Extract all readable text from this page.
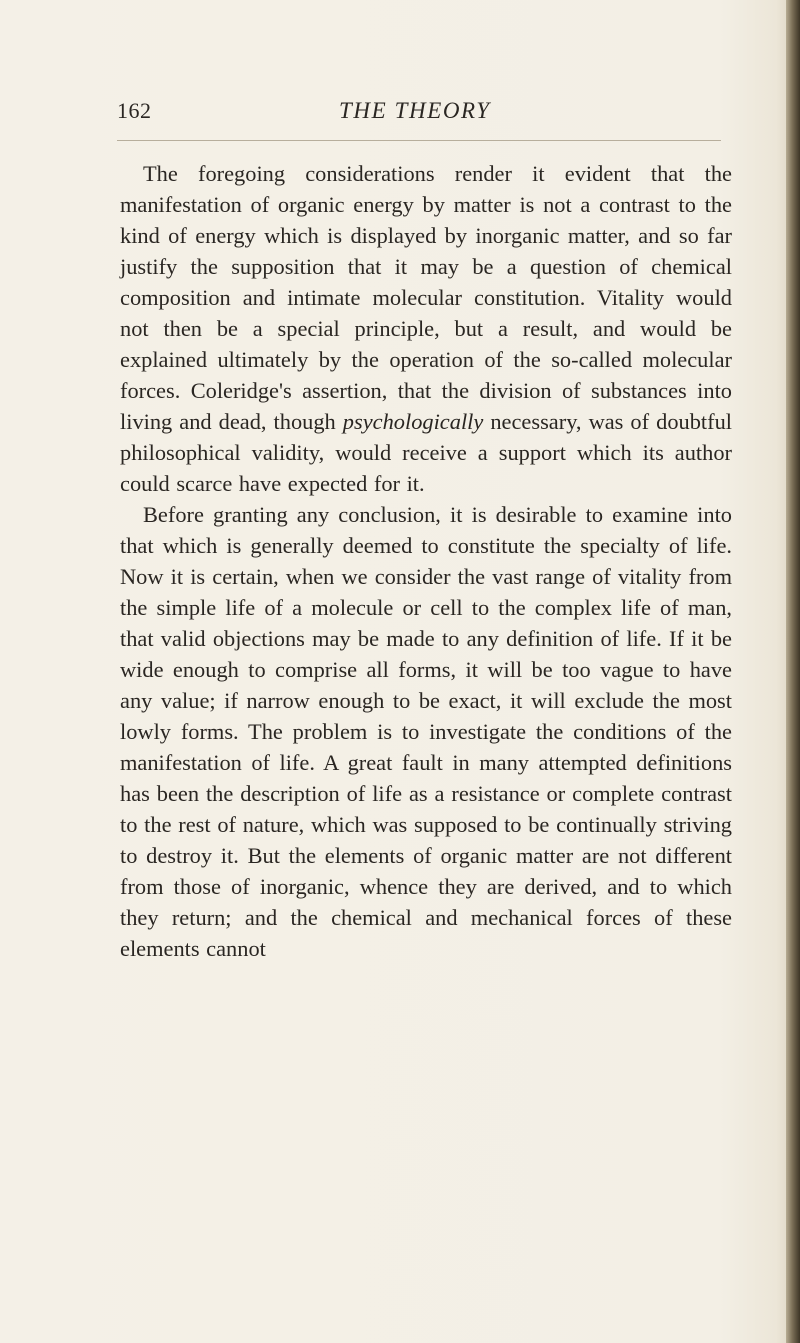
162	THE THEORY

The foregoing considerations render it evident that the manifestation of organic energy by matter is not a contrast to the kind of energy which is displayed by inorganic matter, and so far justify the supposition that it may be a question of chemical composition and intimate molecular constitution. Vitality would not then be a special principle, but a result, and would be explained ultimately by the operation of the so-called molecular forces. Coleridge's assertion, that the division of substances into living and dead, though psychologically necessary, was of doubtful philosophical validity, would receive a support which its author could scarce have expected for it.

Before granting any conclusion, it is desirable to examine into that which is generally deemed to constitute the specialty of life. Now it is certain, when we consider the vast range of vitality from the simple life of a molecule or cell to the complex life of man, that valid objections may be made to any definition of life. If it be wide enough to comprise all forms, it will be too vague to have any value; if narrow enough to be exact, it will exclude the most lowly forms. The problem is to investigate the conditions of the manifestation of life. A great fault in many attempted definitions has been the description of life as a resistance or complete contrast to the rest of nature, which was supposed to be continually striving to destroy it. But the elements of organic matter are not different from those of inorganic, whence they are derived, and to which they return; and the chemical and mechanical forces of these elements cannot
